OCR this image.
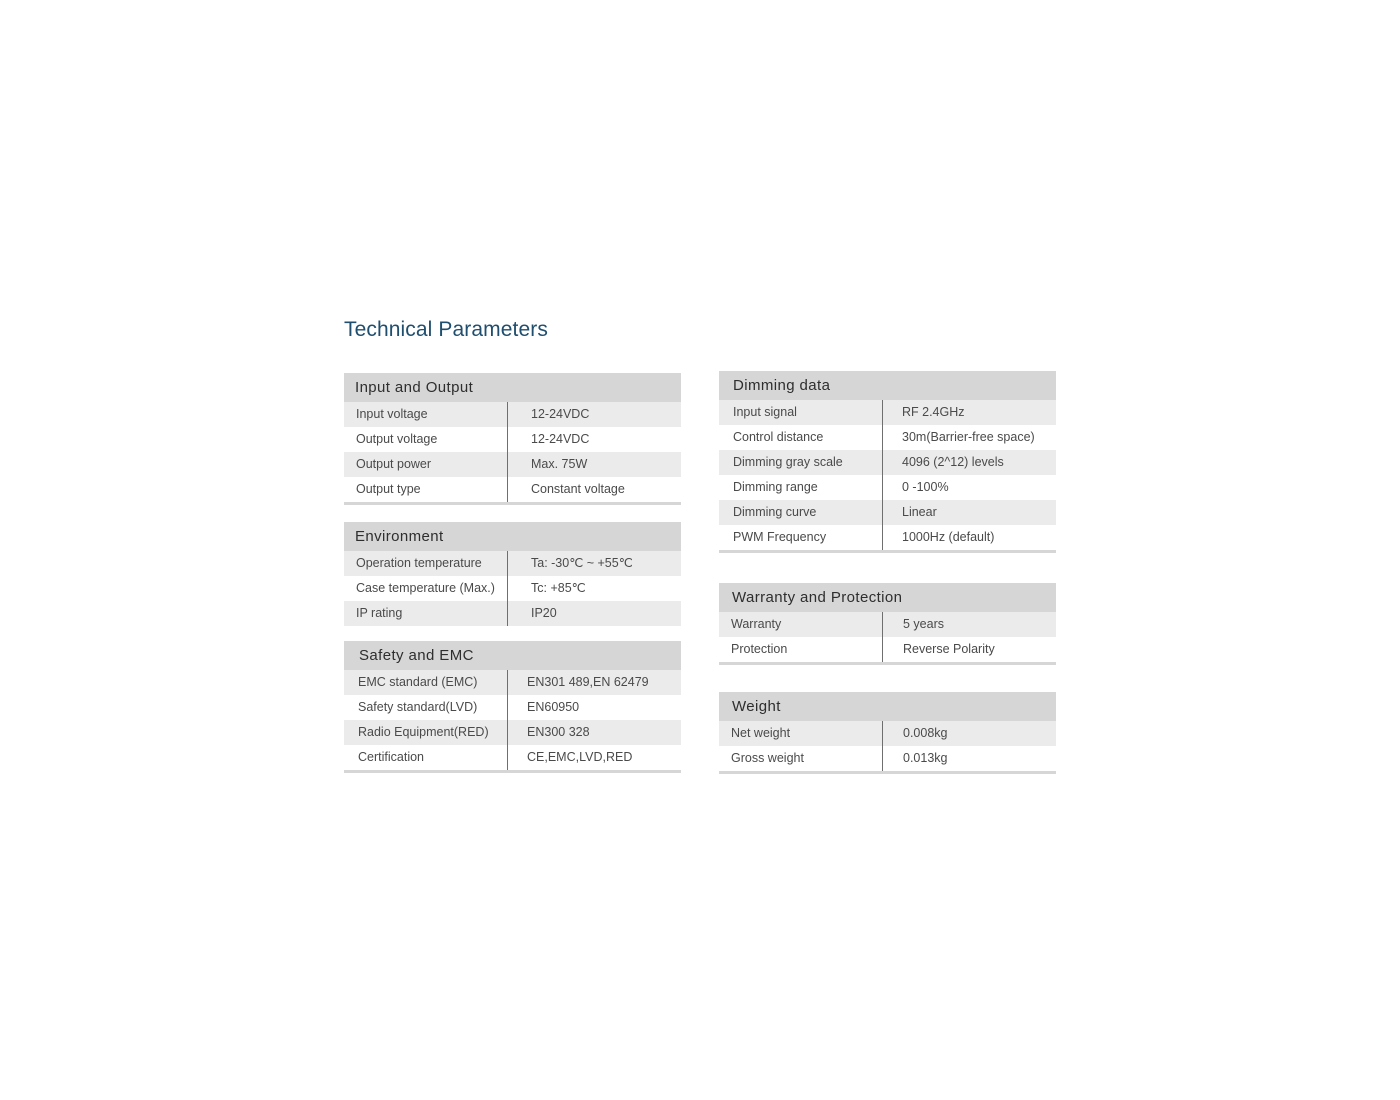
Technical Parameters
Input and Output
Input voltage	12-24VDC
Output voltage	12-24VDC
Output power	Max. 75W
Output type	Constant voltage
Environment
Operation temperature	Ta: -30℃ ~ +55℃
Case temperature (Max.)	Tc: +85℃
IP rating	IP20
Safety and EMC
EMC standard (EMC)	EN301 489,EN 62479
Safety standard(LVD)	EN60950
Radio Equipment(RED)	EN300 328
Certification	CE,EMC,LVD,RED
Dimming data
Input signal	RF 2.4GHz
Control distance	30m(Barrier-free space)
Dimming gray scale	4096 (2^12) levels
Dimming range	0 -100%
Dimming curve	Linear
PWM Frequency	1000Hz (default)
Warranty and Protection
Warranty	5 years
Protection	Reverse Polarity
Weight
Net weight	0.008kg
Gross weight	0.013kg
